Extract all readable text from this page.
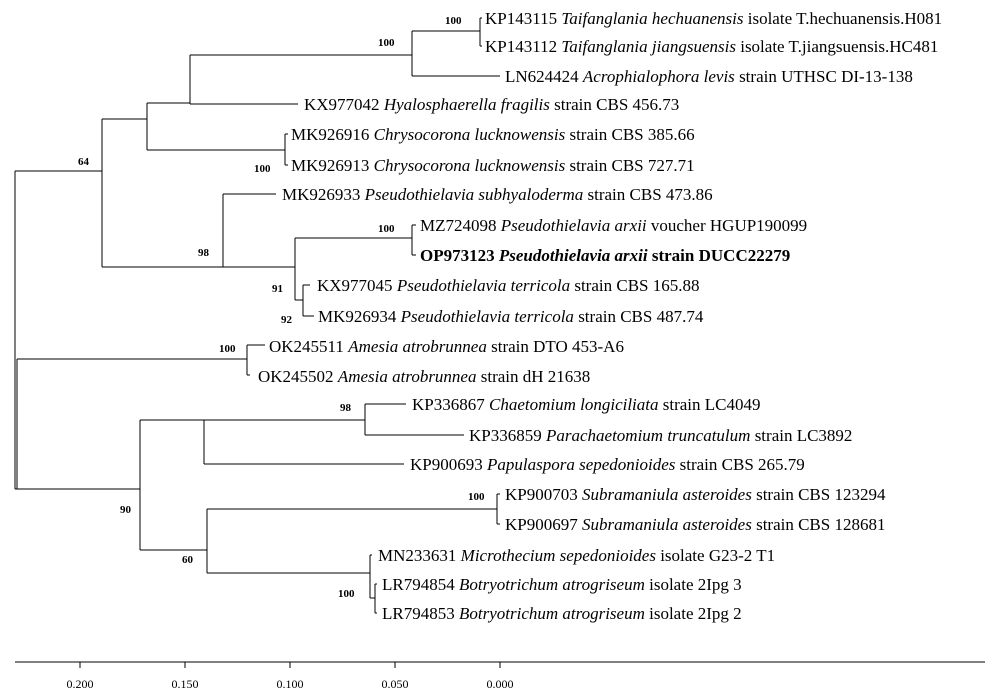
KP143115 Taifanglania hechuanensis isolate T.hechuanensis.H081
KP143112 Taifanglania jiangsuensis isolate T.jiangsuensis.HC481
LN624424 Acrophialophora levis strain UTHSC DI-13-138
KX977042 Hyalosphaerella fragilis strain CBS 456.73
MK926916 Chrysocorona lucknowensis strain CBS 385.66
MK926913 Chrysocorona lucknowensis strain CBS 727.71
MK926933 Pseudothielavia subhyaloderma strain CBS 473.86
MZ724098 Pseudothielavia arxii voucher HGUP190099
OP973123 Pseudothielavia arxii strain DUCC22279
KX977045 Pseudothielavia terricola strain CBS 165.88
MK926934 Pseudothielavia terricola strain CBS 487.74
OK245511 Amesia atrobrunnea strain DTO 453-A6
OK245502 Amesia atrobrunnea strain dH 21638
KP336867 Chaetomium longiciliata strain LC4049
KP336859 Parachaetomium truncatulum strain LC3892
KP900693 Papulaspora sepedonioides strain CBS 265.79
KP900703 Subramaniula asteroides strain CBS 123294
KP900697 Subramaniula asteroides strain CBS 128681
MN233631 Microthecium sepedonioides isolate G23-2 T1
LR794854 Botryotrichum atrogriseum isolate 2Ipg 3
LR794853 Botryotrichum atrogriseum isolate 2Ipg 2
100
100
100
64
100
98
91
92
100
98
100
90
60
100
0.200	0.150	0.100	0.050	0.000
